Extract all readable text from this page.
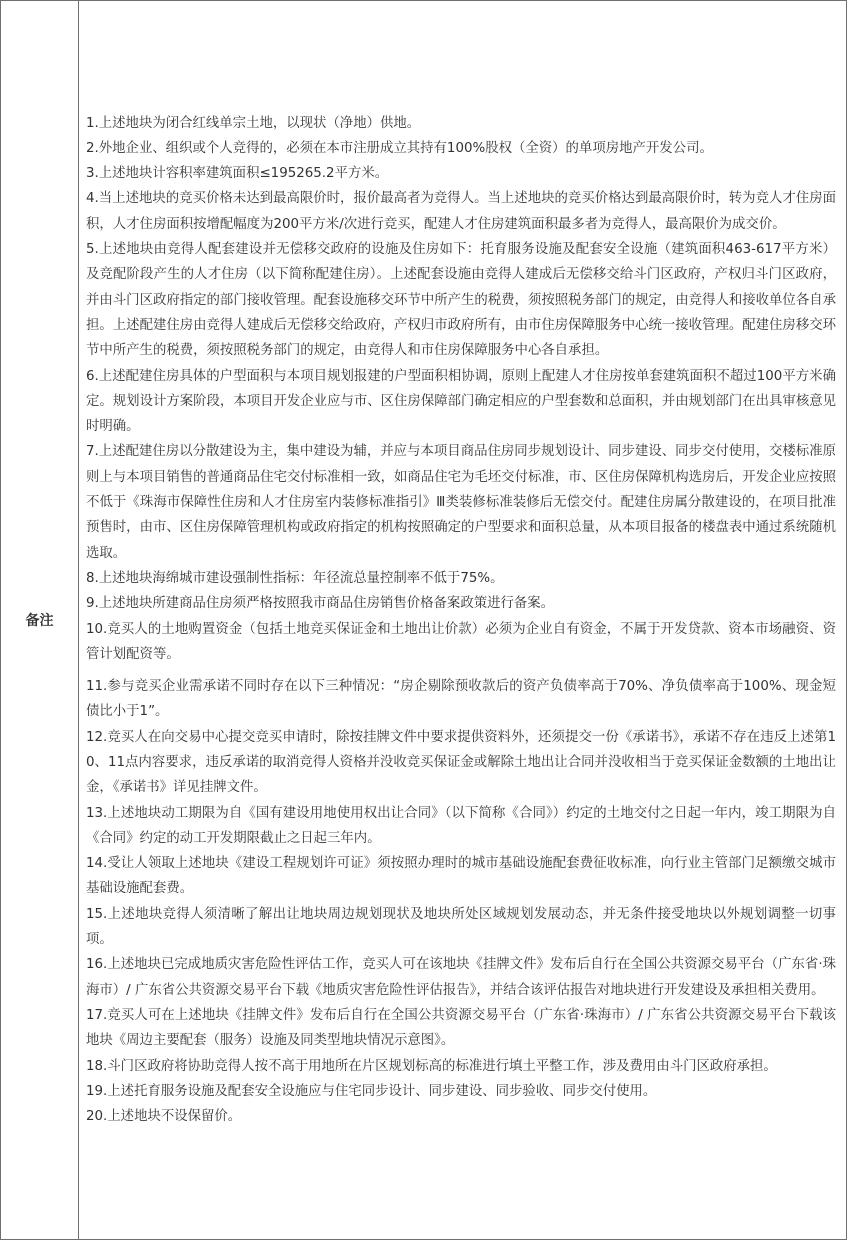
备注	

1.上述地块为闭合红线单宗土地，以现状（净地）供地。

2.外地企业、组织或个人竞得的，必须在本市注册成立其持有100%股权（全资）的单项房地产开发公司。

3.上述地块计容积率建筑面积≤195265.2平方米。

4.当上述地块的竞买价格未达到最高限价时，报价最高者为竞得人。当上述地块的竞买价格达到最高限价时，转为竞人才住房面积，人才住房面积按增配幅度为200平方米/次进行竞买，配建人才住房建筑面积最多者为竞得人，最高限价为成交价。

5.上述地块由竞得人配套建设并无偿移交政府的设施及住房如下：托育服务设施及配套安全设施（建筑面积463-617平方米）及竞配阶段产生的人才住房（以下简称配建住房）。上述配套设施由竞得人建成后无偿移交给斗门区政府，产权归斗门区政府，并由斗门区政府指定的部门接收管理。配套设施移交环节中所产生的税费，须按照税务部门的规定，由竞得人和接收单位各自承担。上述配建住房由竞得人建成后无偿移交给政府，产权归市政府所有，由市住房保障服务中心统一接收管理。配建住房移交环节中所产生的税费，须按照税务部门的规定，由竞得人和市住房保障服务中心各自承担。

6.上述配建住房具体的户型面积与本项目规划报建的户型面积相协调，原则上配建人才住房按单套建筑面积不超过100平方米确定。规划设计方案阶段，本项目开发企业应与市、区住房保障部门确定相应的户型套数和总面积，并由规划部门在出具审核意见时明确。

7.上述配建住房以分散建设为主，集中建设为辅，并应与本项目商品住房同步规划设计、同步建设、同步交付使用，交楼标准原则上与本项目销售的普通商品住宅交付标准相一致，如商品住宅为毛坯交付标准，市、区住房保障机构选房后，开发企业应按照不低于《珠海市保障性住房和人才住房室内装修标准指引》Ⅲ类装修标准装修后无偿交付。配建住房属分散建设的，在项目批准预售时，由市、区住房保障管理机构或政府指定的机构按照确定的户型要求和面积总量，从本项目报备的楼盘表中通过系统随机选取。

8.上述地块海绵城市建设强制性指标：年径流总量控制率不低于75%。

9.上述地块所建商品住房须严格按照我市商品住房销售价格备案政策进行备案。

10.竞买人的土地购置资金（包括土地竞买保证金和土地出让价款）必须为企业自有资金，不属于开发贷款、资本市场融资、资管计划配资等。

11.参与竞买企业需承诺不同时存在以下三种情况：“房企剔除预收款后的资产负债率高于70%、净负债率高于100%、现金短债比小于1”。

12.竞买人在向交易中心提交竞买申请时，除按挂牌文件中要求提供资料外，还须提交一份《承诺书》，承诺不存在违反上述第10、11点内容要求，违反承诺的取消竞得人资格并没收竞买保证金或解除土地出让合同并没收相当于竞买保证金数额的土地出让金，《承诺书》详见挂牌文件。

13.上述地块动工期限为自《国有建设用地使用权出让合同》（以下简称《合同》）约定的土地交付之日起一年内，竣工期限为自《合同》约定的动工开发期限截止之日起三年内。

14.受让人领取上述地块《建设工程规划许可证》须按照办理时的城市基础设施配套费征收标准，向行业主管部门足额缴交城市基础设施配套费。

15.上述地块竞得人须清晰了解出让地块周边规划现状及地块所处区域规划发展动态，并无条件接受地块以外规划调整一切事项。

16.上述地块已完成地质灾害危险性评估工作，竞买人可在该地块《挂牌文件》发布后自行在全国公共资源交易平台（广东省·珠海市）/ 广东省公共资源交易平台下载《地质灾害危险性评估报告》，并结合该评估报告对地块进行开发建设及承担相关费用。

17.竞买人可在上述地块《挂牌文件》发布后自行在全国公共资源交易平台（广东省·珠海市）/ 广东省公共资源交易平台下载该地块《周边主要配套（服务）设施及同类型地块情况示意图》。

18.斗门区政府将协助竞得人按不高于用地所在片区规划标高的标准进行填土平整工作，涉及费用由斗门区政府承担。

19.上述托育服务设施及配套安全设施应与住宅同步设计、同步建设、同步验收、同步交付使用。

20.上述地块不设保留价。
